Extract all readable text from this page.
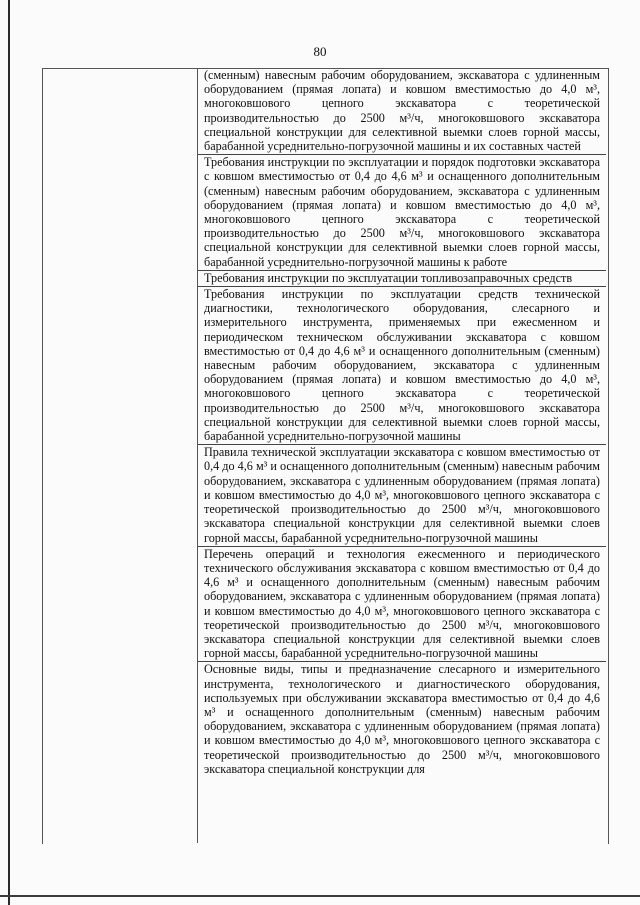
80

(сменным) навесным рабочим оборудованием, экскаватора с удлиненным оборудованием (прямая лопата) и ковшом вместимостью до 4,0 м³, многоковшового цепного экскаватора с теоретической производительностью до 2500 м³/ч, многоковшового экскаватора специальной конструкции для селективной выемки слоев горной массы, барабанной усреднительно-погрузочной машины и их составных частей

Требования инструкции по эксплуатации и порядок подготовки экскаватора с ковшом вместимостью от 0,4 до 4,6 м³ и оснащенного дополнительным (сменным) навесным рабочим оборудованием, экскаватора с удлиненным оборудованием (прямая лопата) и ковшом вместимостью до 4,0 м³, многоковшового цепного экскаватора с теоретической производительностью до 2500 м³/ч, многоковшового экскаватора специальной конструкции для селективной выемки слоев горной массы, барабанной усреднительно-погрузочной машины к работе

Требования инструкции по эксплуатации топливозаправочных средств

Требования инструкции по эксплуатации средств технической диагностики, технологического оборудования, слесарного и измерительного инструмента, применяемых при ежесменном и периодическом техническом обслуживании экскаватора с ковшом вместимостью от 0,4 до 4,6 м³ и оснащенного дополнительным (сменным) навесным рабочим оборудованием, экскаватора с удлиненным оборудованием (прямая лопата) и ковшом вместимостью до 4,0 м³, многоковшового цепного экскаватора с теоретической производительностью до 2500 м³/ч, многоковшового экскаватора специальной конструкции для селективной выемки слоев горной массы, барабанной усреднительно-погрузочной машины

Правила технической эксплуатации экскаватора с ковшом вместимостью от 0,4 до 4,6 м³ и оснащенного дополнительным (сменным) навесным рабочим оборудованием, экскаватора с удлиненным оборудованием (прямая лопата) и ковшом вместимостью до 4,0 м³, многоковшового цепного экскаватора с теоретической производительностью до 2500 м³/ч, многоковшового экскаватора специальной конструкции для селективной выемки слоев горной массы, барабанной усреднительно-погрузочной машины

Перечень операций и технология ежесменного и периодического технического обслуживания экскаватора с ковшом вместимостью от 0,4 до 4,6 м³ и оснащенного дополнительным (сменным) навесным рабочим оборудованием, экскаватора с удлиненным оборудованием (прямая лопата) и ковшом вместимостью до 4,0 м³, многоковшового цепного экскаватора с теоретической производительностью до 2500 м³/ч, многоковшового экскаватора специальной конструкции для селективной выемки слоев горной массы, барабанной усреднительно-погрузочной машины

Основные виды, типы и предназначение слесарного и измерительного инструмента, технологического и диагностического оборудования, используемых при обслуживании экскаватора вместимостью от 0,4 до 4,6 м³ и оснащенного дополнительным (сменным) навесным рабочим оборудованием, экскаватора с удлиненным оборудованием (прямая лопата) и ковшом вместимостью до 4,0 м³, многоковшового цепного экскаватора с теоретической производительностью до 2500 м³/ч, многоковшового экскаватора специальной конструкции для
